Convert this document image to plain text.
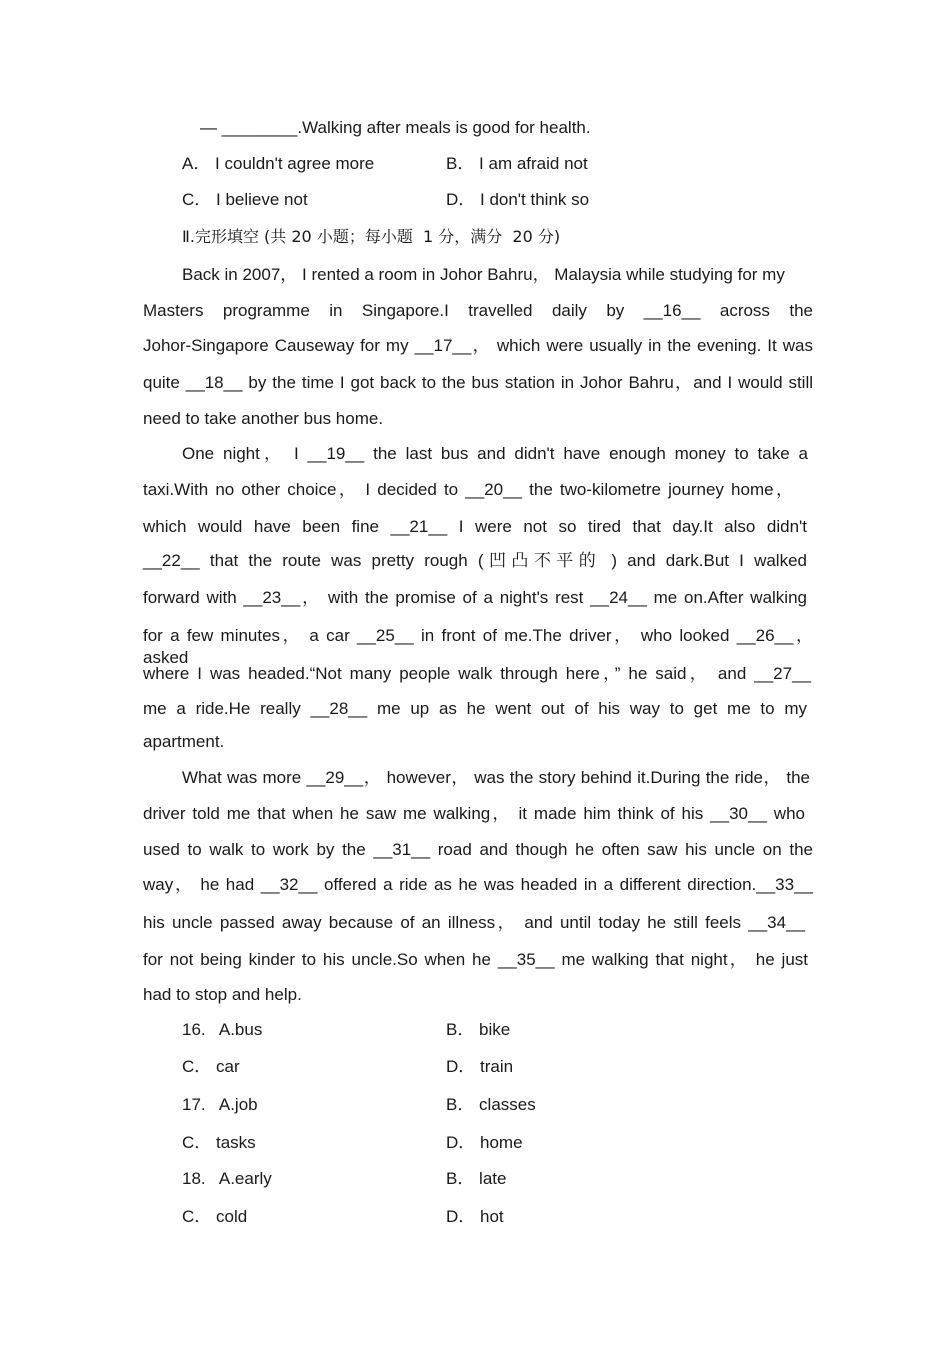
— ________.Walking after meals is good for health.
A． I couldn't agree more	B． I am afraid not
C． I believe not	D． I don't think so
Ⅱ.完形填空 (共 20 小题；每小题  1 分，满分  20 分)
Back in 2007， I rented a room in Johor Bahru， Malaysia while studying for my
Masters programme in Singapore.I travelled daily by __16__ across the
Johor-Singapore Causeway for my __17__， which were usually in the evening. It was
quite __18__ by the time I got back to the bus station in Johor Bahru，and I would still
need to take another bus home.
One night， I __19__ the last bus and didn't have enough money to take a
taxi.With no other choice， I decided to __20__ the two-kilometre journey home，
which would have been fine __21__ I were not so tired that day.It also didn't
__22__ that the route was pretty rough (凹凸不平的 ) and dark.But I walked
forward with __23__， with the promise of a night's rest __24__ me on.After walking
for a few minutes， a car __25__ in front of me.The driver， who looked __26__， asked
where I was headed.“Not many people walk through here，” he said， and __27__
me a ride.He really __28__ me up as he went out of his way to get me to my
apartment.
What was more __29__， however， was the story behind it.During the ride， the
driver told me that when he saw me walking， it made him think of his __30__ who
used to walk to work by the __31__ road and though he often saw his uncle on the
way， he had __32__ offered a ride as he was headed in a different direction.__33__
his uncle passed away because of an illness， and until today he still feels __34__
for not being kinder to his uncle.So when he __35__ me walking that night， he just
had to stop and help.
16. A.bus	B． bike
C． car	D． train
17. A.job	B． classes
C． tasks	D． home
18. A.early	B． late
C． cold	D． hot
